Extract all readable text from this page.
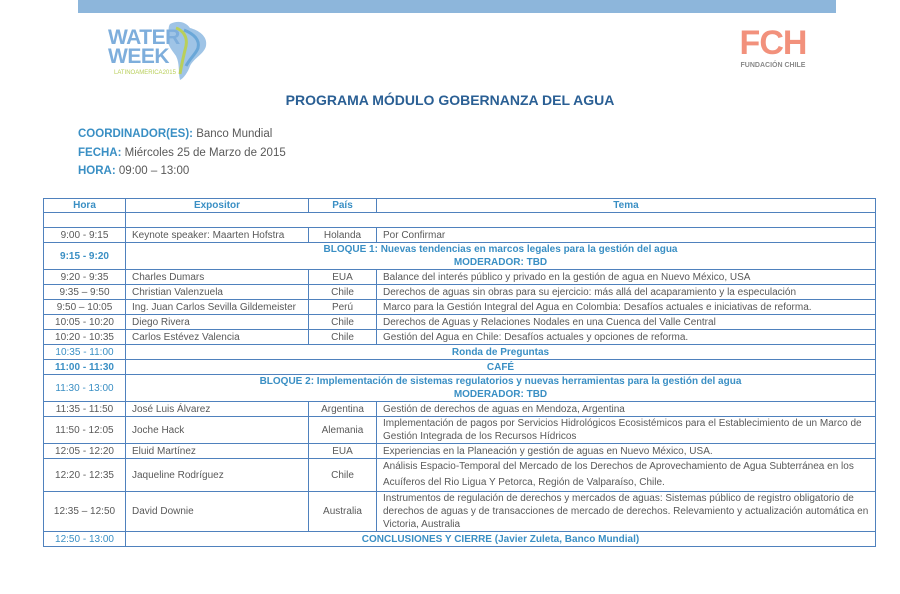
WATER
WEEK
LATINOAMERICA2015
FCH
FUNDACIÓN CHILE
PROGRAMA MÓDULO GOBERNANZA DEL AGUA
COORDINADOR(ES): Banco Mundial
FECHA: Miércoles 25 de Marzo de 2015
HORA: 09:00 – 13:00
Hora	Expositor	País	Tema

9:00 - 9:15	Keynote speaker: Maarten Hofstra	Holanda	Por Confirmar
9:15 - 9:20	BLOQUE 1: Nuevas tendencias en marcos legales para la gestión del agua
MODERADOR: TBD		

9:20 - 9:35	Charles Dumars	EUA	Balance del interés público y privado en la gestión de agua en Nuevo México, USA
9:35 – 9:50	Christian Valenzuela	Chile	Derechos de aguas sin obras para su ejercicio: más allá del acaparamiento y la especulación
9:50 – 10:05	Ing. Juan Carlos Sevilla Gildemeister	Perú	Marco para la Gestión Integral del Agua en Colombia: Desafíos actuales e iniciativas de reforma.
10:05 - 10:20	Diego Rivera	Chile	Derechos de Aguas y Relaciones Nodales en una Cuenca del Valle Central
10:20 - 10:35	Carlos Estévez Valencia	Chile	Gestión del Agua en Chile: Desafíos actuales y opciones de reforma.
10:35 - 11:00	Ronda de Preguntas		
11:00 - 11:30	CAFÉ		
11:30 - 13:00	BLOQUE 2: Implementación de sistemas regulatorios y nuevas herramientas para la gestión del agua
MODERADOR: TBD		

11:35 - 11:50	José Luis Álvarez	Argentina	Gestión de derechos de aguas en Mendoza, Argentina
11:50 - 12:05	Joche Hack	Alemania	Implementación de pagos por Servicios Hidrológicos Ecosistémicos para el Establecimiento de un Marco de Gestión Integrada de los Recursos Hídricos
12:05 - 12:20	Eluid Martínez	EUA	Experiencias en la Planeación y gestión de aguas en Nuevo México, USA.
12:20 - 12:35	Jaqueline Rodríguez	Chile	Análisis Espacio-Temporal del Mercado de los Derechos de Aprovechamiento de Agua Subterránea en los Acuíferos del Rio Ligua Y Petorca, Región de Valparaíso, Chile.
12:35 – 12:50	David Downie	Australia	Instrumentos de regulación de derechos y mercados de aguas: Sistemas público de registro obligatorio de derechos de aguas y de transacciones de mercado de derechos. Relevamiento y actualización automática en Victoria, Australia
12:50 - 13:00	CONCLUSIONES Y CIERRE (Javier Zuleta, Banco Mundial)		
